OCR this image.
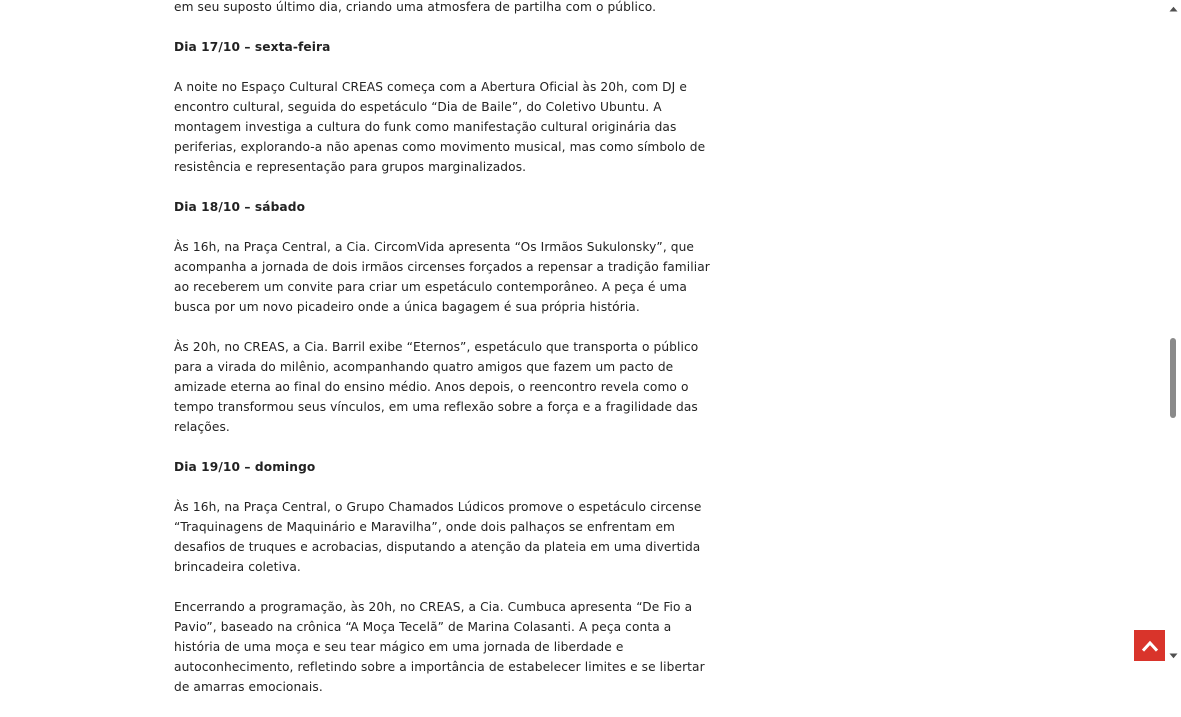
em seu suposto último dia, criando uma atmosfera de partilha com o público.

Dia 17/10 – sexta-feira

A noite no Espaço Cultural CREAS começa com a Abertura Oficial às 20h, com DJ e encontro cultural, seguida do espetáculo “Dia de Baile”, do Coletivo Ubuntu. A montagem investiga a cultura do funk como manifestação cultural originária das periferias, explorando-a não apenas como movimento musical, mas como símbolo de resistência e representação para grupos marginalizados.

Dia 18/10 – sábado

Às 16h, na Praça Central, a Cia. CircomVida apresenta “Os Irmãos Sukulonsky”, que acompanha a jornada de dois irmãos circenses forçados a repensar a tradição familiar ao receberem um convite para criar um espetáculo contemporâneo. A peça é uma busca por um novo picadeiro onde a única bagagem é sua própria história.

Às 20h, no CREAS, a Cia. Barril exibe “Eternos”, espetáculo que transporta o público para a virada do milênio, acompanhando quatro amigos que fazem um pacto de amizade eterna ao final do ensino médio. Anos depois, o reencontro revela como o tempo transformou seus vínculos, em uma reflexão sobre a força e a fragilidade das relações.

Dia 19/10 – domingo

Às 16h, na Praça Central, o Grupo Chamados Lúdicos promove o espetáculo circense “Traquinagens de Maquinário e Maravilha”, onde dois palhaços se enfrentam em desafios de truques e acrobacias, disputando a atenção da plateia em uma divertida brincadeira coletiva.

Encerrando a programação, às 20h, no CREAS, a Cia. Cumbuca apresenta “De Fio a Pavio”, baseado na crônica “A Moça Tecelã” de Marina Colasanti. A peça conta a história de uma moça e seu tear mágico em uma jornada de liberdade e autoconhecimento, refletindo sobre a importância de estabelecer limites e se libertar de amarras emocionais.
